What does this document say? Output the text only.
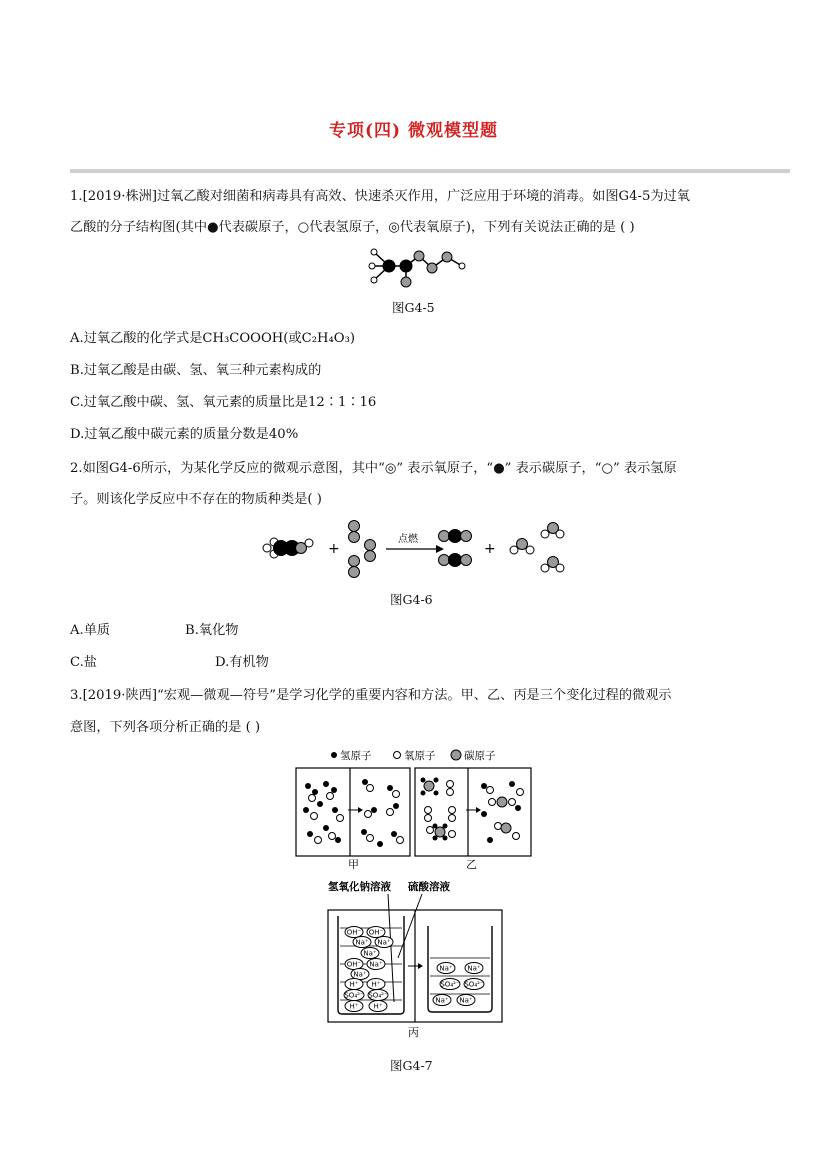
专项(四) 微观模型题
1.[2019·株洲]过氧乙酸对细菌和病毒具有高效、快速杀灭作用，广泛应用于环境的消毒。如图G4-5为过氧
乙酸的分子结构图(其中●代表碳原子，○代表氢原子，◎代表氧原子)，下列有关说法正确的是 ( )
图G4-5
A.过氧乙酸的化学式是CH₃COOOH(或C₂H₄O₃)
B.过氧乙酸是由碳、氢、氧三种元素构成的
C.过氧乙酸中碳、氢、氧元素的质量比是12∶1∶16
D.过氧乙酸中碳元素的质量分数是40%
2.如图G4-6所示，为某化学反应的微观示意图，其中“◎” 表示氧原子，“●” 表示碳原子，“○” 表示氢原
子。则该化学反应中不存在的物质种类是( )
+
点燃
+
图G4-6
A.单质	B.氧化物
C.盐	D.有机物
3.[2019·陕西]“宏观—微观—符号”是学习化学的重要内容和方法。甲、乙、丙是三个变化过程的微观示
意图，下列各项分析正确的是 ( )
氢原子	氧原子	碳原子
甲	乙
氢氧化钠溶液 硫酸溶液
OH⁻ OH⁻
Na⁺ Na⁺
Na⁺
OH⁻ Na⁺
Na⁺
H⁺ H⁺
SO₄²⁻ SO₄²⁻
H⁺ H⁺
Na⁺ Na⁺
SO₄²⁻ SO₄²⁻
Na⁺ Na⁺
丙
图G4-7
